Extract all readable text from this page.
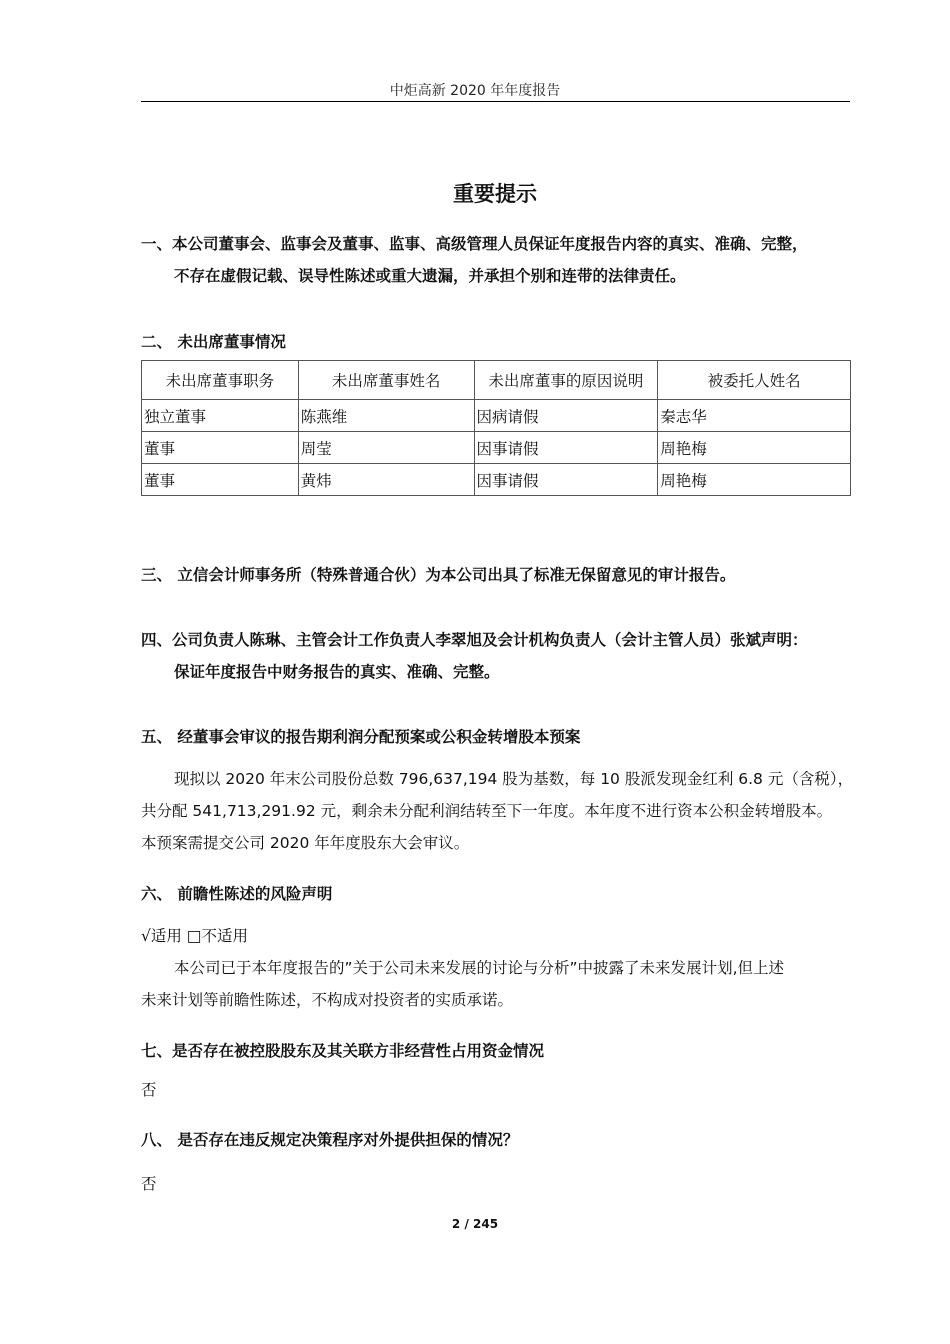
中炬高新 2020 年年度报告
重要提示
一、本公司董事会、监事会及董事、监事、高级管理人员保证年度报告内容的真实、准确、完整，
不存在虚假记载、误导性陈述或重大遗漏，并承担个别和连带的法律责任。
二、 未出席董事情况
未出席董事职务	未出席董事姓名	未出席董事的原因说明	被委托人姓名
独立董事	陈燕维	因病请假	秦志华
董事	周莹	因事请假	周艳梅
董事	黄炜	因事请假	周艳梅
三、 立信会计师事务所（特殊普通合伙）为本公司出具了标准无保留意见的审计报告。
四、公司负责人陈琳、主管会计工作负责人李翠旭及会计机构负责人（会计主管人员）张斌声明：
保证年度报告中财务报告的真实、准确、完整。
五、 经董事会审议的报告期利润分配预案或公积金转增股本预案
现拟以 2020 年末公司股份总数 796,637,194 股为基数，每 10 股派发现金红利 6.8 元（含税），
共分配 541,713,291.92 元，剩余未分配利润结转至下一年度。本年度不进行资本公积金转增股本。
本预案需提交公司 2020 年年度股东大会审议。
六、 前瞻性陈述的风险声明
√适用 □不适用
本公司已于本年度报告的”关于公司未来发展的讨论与分析”中披露了未来发展计划,但上述
未来计划等前瞻性陈述，不构成对投资者的实质承诺。
七、是否存在被控股股东及其关联方非经营性占用资金情况
否
八、 是否存在违反规定决策程序对外提供担保的情况？
否
2 / 245
